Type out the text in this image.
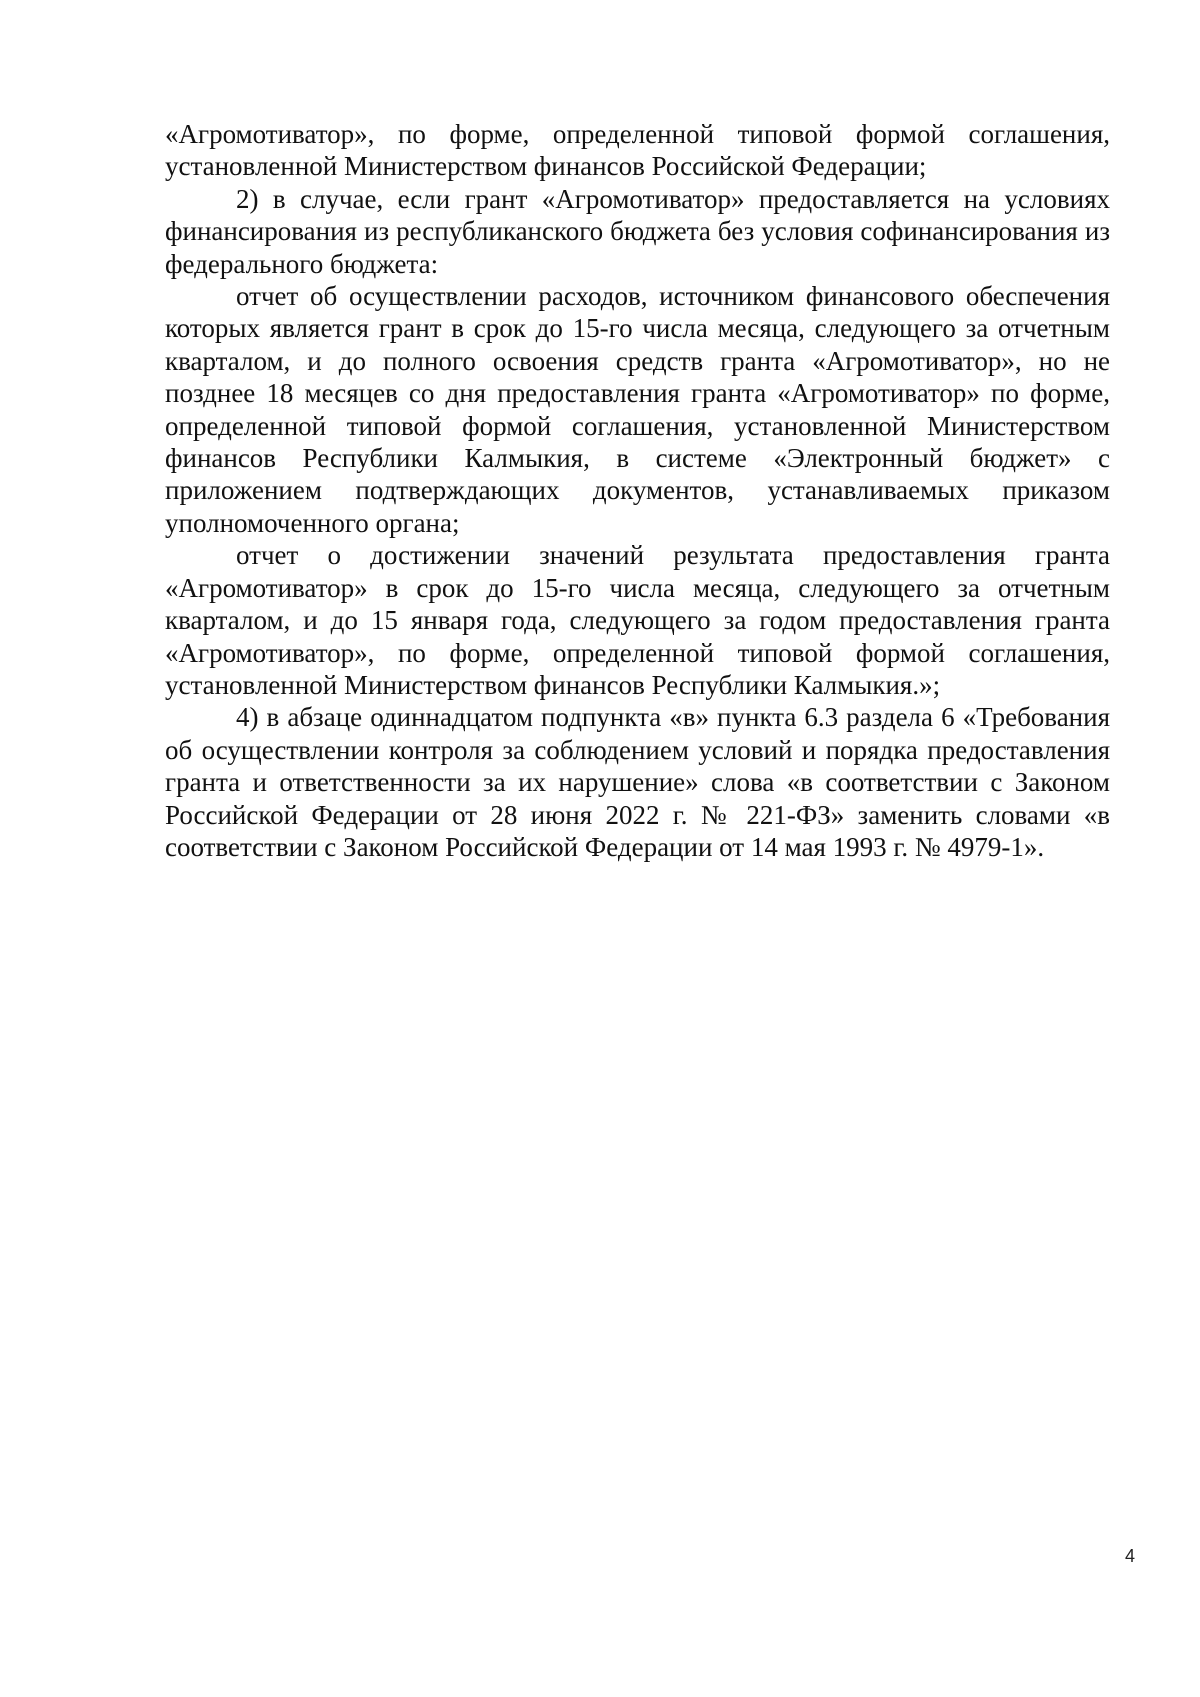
«Агромотиватор», по форме, определенной типовой формой соглашения, установленной Министерством финансов Российской Федерации;

2) в случае, если грант «Агромотиватор» предоставляется на условиях финансирования из республиканского бюджета без условия софинансирования из федерального бюджета:

отчет об осуществлении расходов, источником финансового обеспечения которых является грант в срок до 15-го числа месяца, следующего за отчетным кварталом, и до полного освоения средств гранта «Агромотиватор», но не позднее 18 месяцев со дня предоставления гранта «Агромотиватор» по форме, определенной типовой формой соглашения, установленной Министерством финансов Республики Калмыкия, в системе «Электронный бюджет» с приложением подтверждающих документов, устанавливаемых приказом уполномоченного органа;

отчет о достижении значений результата предоставления гранта «Агромотиватор» в срок до 15-го числа месяца, следующего за отчетным кварталом, и до 15 января года, следующего за годом предоставления гранта «Агромотиватор», по форме, определенной типовой формой соглашения, установленной Министерством финансов Республики Калмыкия.»;

4) в абзаце одиннадцатом подпункта «в» пункта 6.3 раздела 6 «Требования об осуществлении контроля за соблюдением условий и порядка предоставления гранта и ответственности за их нарушение» слова «в соответствии с Законом Российской Федерации от 28 июня 2022 г. № 221-ФЗ» заменить словами «в соответствии с Законом Российской Федерации от 14 мая 1993 г. № 4979-1».

4
